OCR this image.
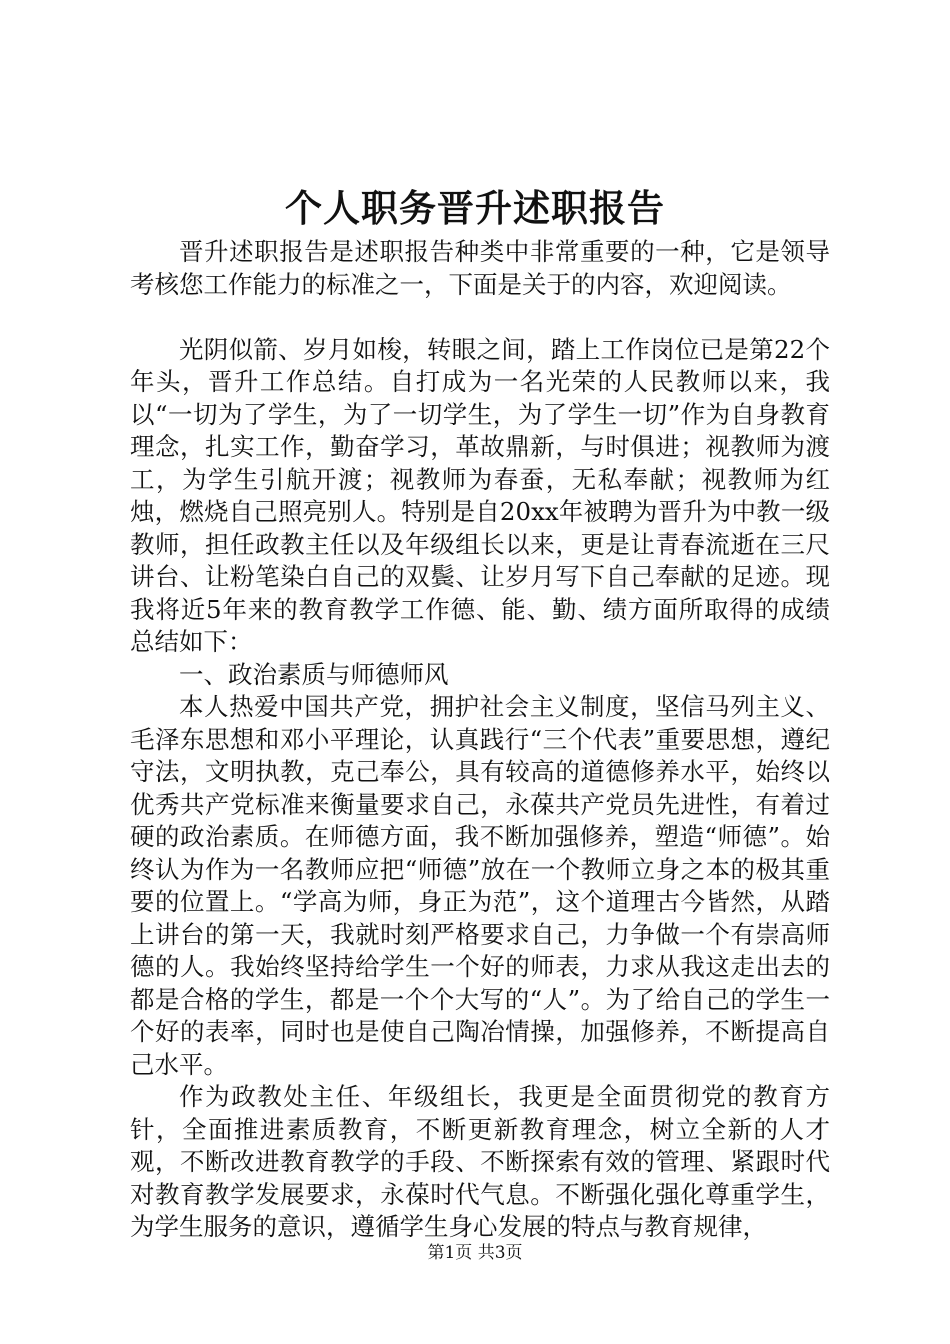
个人职务晋升述职报告

晋升述职报告是述职报告种类中非常重要的一种，它是领导考核您工作能力的标准之一，下面是关于的内容，欢迎阅读。

光阴似箭、岁月如梭，转眼之间，踏上工作岗位已是第22个年头，晋升工作总结。自打成为一名光荣的人民教师以来，我以“一切为了学生，为了一切学生，为了学生一切”作为自身教育理念，扎实工作，勤奋学习，革故鼎新，与时俱进；视教师为渡工，为学生引航开渡；视教师为春蚕，无私奉献；视教师为红烛，燃烧自己照亮别人。特别是自20xx年被聘为晋升为中教一级教师，担任政教主任以及年级组长以来，更是让青春流逝在三尺讲台、让粉笔染白自己的双鬓、让岁月写下自己奉献的足迹。现我将近5年来的教育教学工作德、能、勤、绩方面所取得的成绩总结如下：

一、政治素质与师德师风

本人热爱中国共产党，拥护社会主义制度，坚信马列主义、毛泽东思想和邓小平理论，认真践行“三个代表”重要思想，遵纪守法，文明执教，克己奉公，具有较高的道德修养水平，始终以优秀共产党标准来衡量要求自己，永葆共产党员先进性，有着过硬的政治素质。在师德方面，我不断加强修养，塑造“师德”。始终认为作为一名教师应把“师德”放在一个教师立身之本的极其重要的位置上。“学高为师，身正为范”，这个道理古今皆然，从踏上讲台的第一天，我就时刻严格要求自己，力争做一个有崇高师德的人。我始终坚持给学生一个好的师表，力求从我这走出去的都是合格的学生，都是一个个大写的“人”。为了给自己的学生一个好的表率，同时也是使自己陶冶情操，加强修养，不断提高自己水平。

作为政教处主任、年级组长，我更是全面贯彻党的教育方针，全面推进素质教育，不断更新教育理念，树立全新的人才观，不断改进教育教学的手段、不断探索有效的管理、紧跟时代对教育教学发展要求，永葆时代气息。不断强化强化尊重学生，为学生服务的意识，遵循学生身心发展的特点与教育规律，

第1页 共3页
